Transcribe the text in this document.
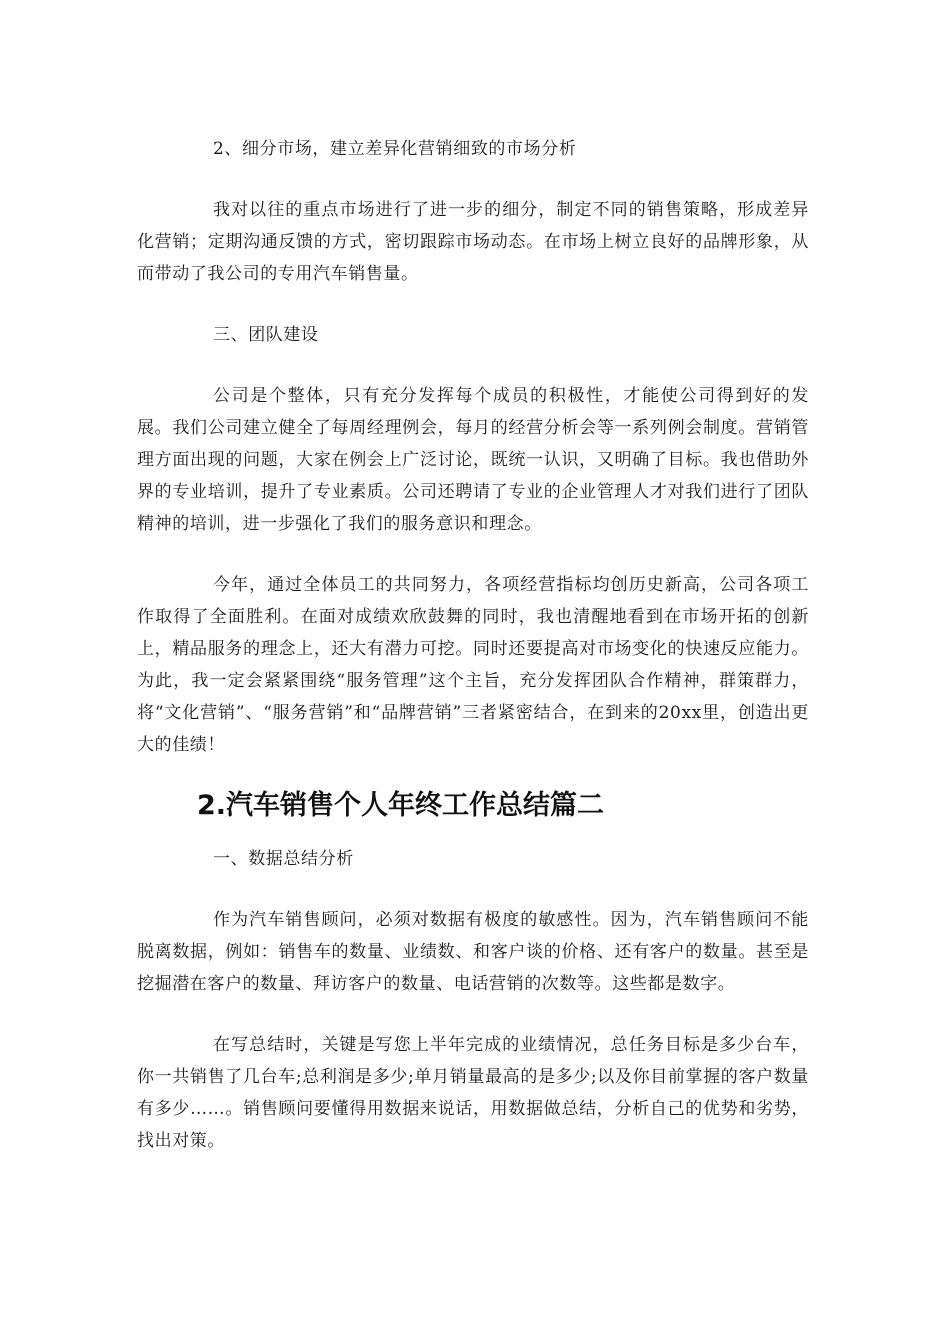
2、细分市场，建立差异化营销细致的市场分析

我对以往的重点市场进行了进一步的细分，制定不同的销售策略，形成差异化营销；定期沟通反馈的方式，密切跟踪市场动态。在市场上树立良好的品牌形象，从而带动了我公司的专用汽车销售量。

三、团队建设

公司是个整体，只有充分发挥每个成员的积极性，才能使公司得到好的发展。我们公司建立健全了每周经理例会，每月的经营分析会等一系列例会制度。营销管理方面出现的问题，大家在例会上广泛讨论，既统一认识，又明确了目标。我也借助外界的专业培训，提升了专业素质。公司还聘请了专业的企业管理人才对我们进行了团队精神的培训，进一步强化了我们的服务意识和理念。

今年，通过全体员工的共同努力，各项经营指标均创历史新高，公司各项工作取得了全面胜利。在面对成绩欢欣鼓舞的同时，我也清醒地看到在市场开拓的创新上，精品服务的理念上，还大有潜力可挖。同时还要提高对市场变化的快速反应能力。为此，我一定会紧紧围绕“服务管理”这个主旨，充分发挥团队合作精神，群策群力，将“文化营销”、“服务营销”和“品牌营销”三者紧密结合，在到来的20xx里，创造出更大的佳绩！

2.汽车销售个人年终工作总结篇二

一、数据总结分析

作为汽车销售顾问，必须对数据有极度的敏感性。因为，汽车销售顾问不能脱离数据，例如：销售车的数量、业绩数、和客户谈的价格、还有客户的数量。甚至是挖掘潜在客户的数量、拜访客户的数量、电话营销的次数等。这些都是数字。

在写总结时，关键是写您上半年完成的业绩情况，总任务目标是多少台车，你一共销售了几台车;总利润是多少;单月销量最高的是多少;以及你目前掌握的客户数量有多少……。销售顾问要懂得用数据来说话，用数据做总结，分析自己的优势和劣势，找出对策。
